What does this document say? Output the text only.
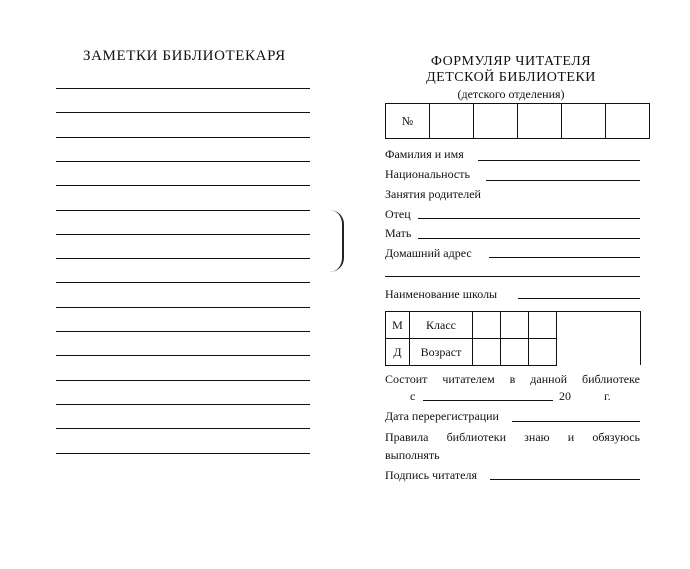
ЗАМЕТКИ БИБЛИОТЕКАРЯ	ФОРМУЛЯР ЧИТАТЕЛЯ
ДЕТСКОЙ БИБЛИОТЕКИ
(детского отделения)
№					
Фамилия и имя
Национальность
Занятия родителей
Отец
Мать
Домашний адрес
Наименование школы
М	Класс			
Д	Возраст			
Состоит читателем в данной библиотеке
с	20	г.
Дата перерегистрации
Правила библиотеки знаю и обязуюсь
выполнять
Подпись читателя
